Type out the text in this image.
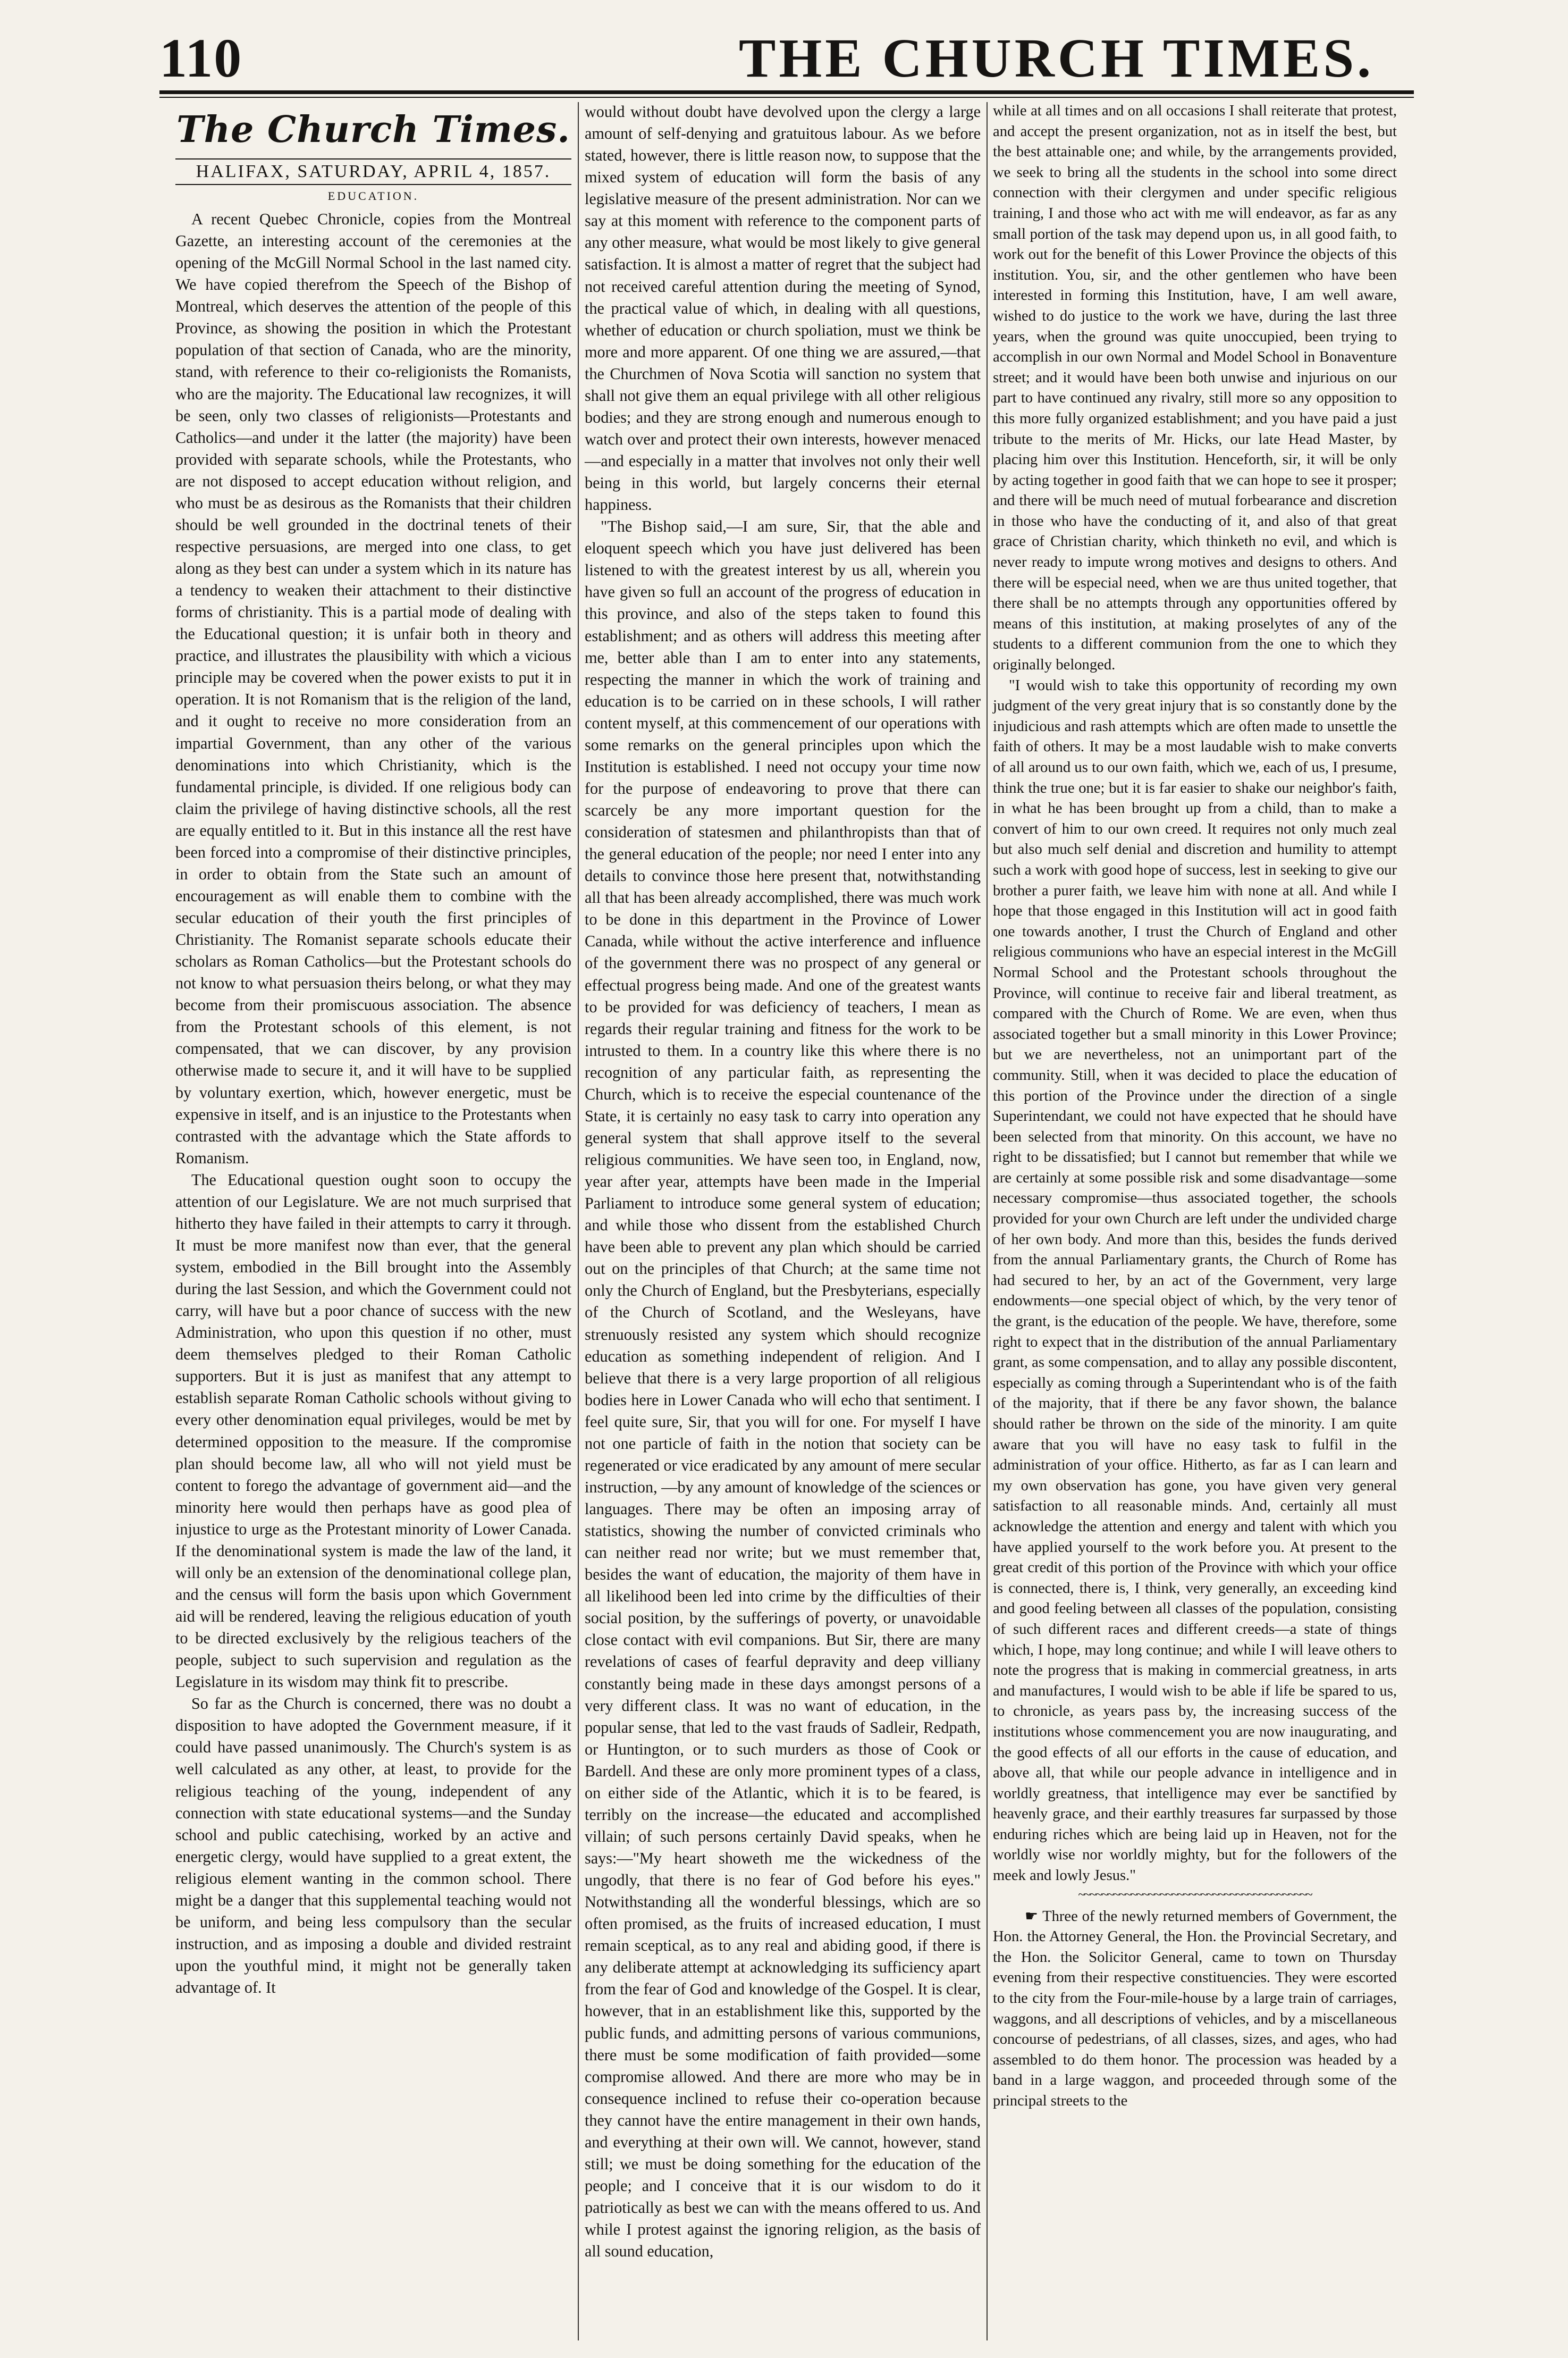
110	THE CHURCH TIMES.
The Church Times.
HALIFAX, SATURDAY, APRIL 4, 1857.
EDUCATION.

A recent Quebec Chronicle, copies from the Montreal Gazette, an interesting account of the ceremonies at the opening of the McGill Normal School in the last named city. We have copied therefrom the Speech of the Bishop of Montreal, which deserves the attention of the people of this Province, as showing the position in which the Protestant population of that section of Canada, who are the minority, stand, with reference to their co-religionists the Romanists, who are the majority. The Educational law recognizes, it will be seen, only two classes of religionists—Protestants and Catholics—and under it the latter (the majority) have been provided with separate schools, while the Protestants, who are not disposed to accept education without religion, and who must be as desirous as the Romanists that their children should be well grounded in the doctrinal tenets of their respective persuasions, are merged into one class, to get along as they best can under a system which in its nature has a tendency to weaken their attachment to their distinctive forms of christianity. This is a partial mode of dealing with the Educational question; it is unfair both in theory and practice, and illustrates the plausibility with which a vicious principle may be covered when the power exists to put it in operation. It is not Romanism that is the religion of the land, and it ought to receive no more consideration from an impartial Government, than any other of the various denominations into which Christianity, which is the fundamental principle, is divided. If one religious body can claim the privilege of having distinctive schools, all the rest are equally entitled to it. But in this instance all the rest have been forced into a compromise of their distinctive principles, in order to obtain from the State such an amount of encouragement as will enable them to combine with the secular education of their youth the first principles of Christianity. The Romanist separate schools educate their scholars as Roman Catholics—but the Protestant schools do not know to what persuasion theirs belong, or what they may become from their promiscuous association. The absence from the Protestant schools of this element, is not compensated, that we can discover, by any provision otherwise made to secure it, and it will have to be supplied by voluntary exertion, which, however energetic, must be expensive in itself, and is an injustice to the Protestants when contrasted with the advantage which the State affords to Romanism.

The Educational question ought soon to occupy the attention of our Legislature. We are not much surprised that hitherto they have failed in their attempts to carry it through. It must be more manifest now than ever, that the general system, embodied in the Bill brought into the Assembly during the last Session, and which the Government could not carry, will have but a poor chance of success with the new Administration, who upon this question if no other, must deem themselves pledged to their Roman Catholic supporters. But it is just as manifest that any attempt to establish separate Roman Catholic schools without giving to every other denomination equal privileges, would be met by determined opposition to the measure. If the compromise plan should become law, all who will not yield must be content to forego the advantage of government aid—and the minority here would then perhaps have as good plea of injustice to urge as the Protestant minority of Lower Canada. If the denominational system is made the law of the land, it will only be an extension of the denominational college plan, and the census will form the basis upon which Government aid will be rendered, leaving the religious education of youth to be directed exclusively by the religious teachers of the people, subject to such supervision and regulation as the Legislature in its wisdom may think fit to prescribe.

So far as the Church is concerned, there was no doubt a disposition to have adopted the Government measure, if it could have passed unanimously. The Church's system is as well calculated as any other, at least, to provide for the religious teaching of the young, independent of any connection with state educational systems—and the Sunday school and public catechising, worked by an active and energetic clergy, would have supplied to a great extent, the religious element wanting in the common school. There might be a danger that this supplemental teaching would not be uniform, and being less compulsory than the secular instruction, and as imposing a double and divided restraint upon the youthful mind, it might not be generally taken advantage of. It

would without doubt have devolved upon the clergy a large amount of self-denying and gratuitous labour. As we before stated, however, there is little reason now, to suppose that the mixed system of education will form the basis of any legislative measure of the present administration. Nor can we say at this moment with reference to the component parts of any other measure, what would be most likely to give general satisfaction. It is almost a matter of regret that the subject had not received careful attention during the meeting of Synod, the practical value of which, in dealing with all questions, whether of education or church spoliation, must we think be more and more apparent. Of one thing we are assured,—that the Churchmen of Nova Scotia will sanction no system that shall not give them an equal privilege with all other religious bodies; and they are strong enough and numerous enough to watch over and protect their own interests, however menaced—and especially in a matter that involves not only their well being in this world, but largely concerns their eternal happiness.

"The Bishop said,—I am sure, Sir, that the able and eloquent speech which you have just delivered has been listened to with the greatest interest by us all, wherein you have given so full an account of the progress of education in this province, and also of the steps taken to found this establishment; and as others will address this meeting after me, better able than I am to enter into any statements, respecting the manner in which the work of training and education is to be carried on in these schools, I will rather content myself, at this commencement of our operations with some remarks on the general principles upon which the Institution is established. I need not occupy your time now for the purpose of endeavoring to prove that there can scarcely be any more important question for the consideration of statesmen and philanthropists than that of the general education of the people; nor need I enter into any details to convince those here present that, notwithstanding all that has been already accomplished, there was much work to be done in this department in the Province of Lower Canada, while without the active interference and influence of the government there was no prospect of any general or effectual progress being made. And one of the greatest wants to be provided for was deficiency of teachers, I mean as regards their regular training and fitness for the work to be intrusted to them. In a country like this where there is no recognition of any particular faith, as representing the Church, which is to receive the especial countenance of the State, it is certainly no easy task to carry into operation any general system that shall approve itself to the several religious communities. We have seen too, in England, now, year after year, attempts have been made in the Imperial Parliament to introduce some general system of education; and while those who dissent from the established Church have been able to prevent any plan which should be carried out on the principles of that Church; at the same time not only the Church of England, but the Presbyterians, especially of the Church of Scotland, and the Wesleyans, have strenuously resisted any system which should recognize education as something independent of religion. And I believe that there is a very large proportion of all religious bodies here in Lower Canada who will echo that sentiment. I feel quite sure, Sir, that you will for one. For myself I have not one particle of faith in the notion that society can be regenerated or vice eradicated by any amount of mere secular instruction, —by any amount of knowledge of the sciences or languages. There may be often an imposing array of statistics, showing the number of convicted criminals who can neither read nor write; but we must remember that, besides the want of education, the majority of them have in all likelihood been led into crime by the difficulties of their social position, by the sufferings of poverty, or unavoidable close contact with evil companions. But Sir, there are many revelations of cases of fearful depravity and deep villiany constantly being made in these days amongst persons of a very different class. It was no want of education, in the popular sense, that led to the vast frauds of Sadleir, Redpath, or Huntington, or to such murders as those of Cook or Bardell. And these are only more prominent types of a class, on either side of the Atlantic, which it is to be feared, is terribly on the increase—the educated and accomplished villain; of such persons certainly David speaks, when he says:—"My heart showeth me the wickedness of the ungodly, that there is no fear of God before his eyes." Notwithstanding all the wonderful blessings, which are so often promised, as the fruits of increased education, I must remain sceptical, as to any real and abiding good, if there is any deliberate attempt at acknowledging its sufficiency apart from the fear of God and knowledge of the Gospel. It is clear, however, that in an establishment like this, supported by the public funds, and admitting persons of various communions, there must be some modification of faith provided—some compromise allowed. And there are more who may be in consequence inclined to refuse their co-operation because they cannot have the entire management in their own hands, and everything at their own will. We cannot, however, stand still; we must be doing something for the education of the people; and I conceive that it is our wisdom to do it patriotically as best we can with the means offered to us. And while I protest against the ignoring religion, as the basis of all sound education,

while at all times and on all occasions I shall reiterate that protest, and accept the present organization, not as in itself the best, but the best attainable one; and while, by the arrangements provided, we seek to bring all the students in the school into some direct connection with their clergymen and under specific religious training, I and those who act with me will endeavor, as far as any small portion of the task may depend upon us, in all good faith, to work out for the benefit of this Lower Province the objects of this institution. You, sir, and the other gentlemen who have been interested in forming this Institution, have, I am well aware, wished to do justice to the work we have, during the last three years, when the ground was quite unoccupied, been trying to accomplish in our own Normal and Model School in Bonaventure street; and it would have been both unwise and injurious on our part to have continued any rivalry, still more so any opposition to this more fully organized establishment; and you have paid a just tribute to the merits of Mr. Hicks, our late Head Master, by placing him over this Institution. Henceforth, sir, it will be only by acting together in good faith that we can hope to see it prosper; and there will be much need of mutual forbearance and discretion in those who have the conducting of it, and also of that great grace of Christian charity, which thinketh no evil, and which is never ready to impute wrong motives and designs to others. And there will be especial need, when we are thus united together, that there shall be no attempts through any opportunities offered by means of this institution, at making proselytes of any of the students to a different communion from the one to which they originally belonged.

"I would wish to take this opportunity of recording my own judgment of the very great injury that is so constantly done by the injudicious and rash attempts which are often made to unsettle the faith of others. It may be a most laudable wish to make converts of all around us to our own faith, which we, each of us, I presume, think the true one; but it is far easier to shake our neighbor's faith, in what he has been brought up from a child, than to make a convert of him to our own creed. It requires not only much zeal but also much self denial and discretion and humility to attempt such a work with good hope of success, lest in seeking to give our brother a purer faith, we leave him with none at all. And while I hope that those engaged in this Institution will act in good faith one towards another, I trust the Church of England and other religious communions who have an especial interest in the McGill Normal School and the Protestant schools throughout the Province, will continue to receive fair and liberal treatment, as compared with the Church of Rome. We are even, when thus associated together but a small minority in this Lower Province; but we are nevertheless, not an unimportant part of the community. Still, when it was decided to place the education of this portion of the Province under the direction of a single Superintendant, we could not have expected that he should have been selected from that minority. On this account, we have no right to be dissatisfied; but I cannot but remember that while we are certainly at some possible risk and some disadvantage—some necessary compromise—thus associated together, the schools provided for your own Church are left under the undivided charge of her own body. And more than this, besides the funds derived from the annual Parliamentary grants, the Church of Rome has had secured to her, by an act of the Government, very large endowments—one special object of which, by the very tenor of the grant, is the education of the people. We have, therefore, some right to expect that in the distribution of the annual Parliamentary grant, as some compensation, and to allay any possible discontent, especially as coming through a Superintendant who is of the faith of the majority, that if there be any favor shown, the balance should rather be thrown on the side of the minority. I am quite aware that you will have no easy task to fulfil in the administration of your office. Hitherto, as far as I can learn and my own observation has gone, you have given very general satisfaction to all reasonable minds. And, certainly all must acknowledge the attention and energy and talent with which you have applied yourself to the work before you. At present to the great credit of this portion of the Province with which your office is connected, there is, I think, very generally, an exceeding kind and good feeling between all classes of the population, consisting of such different races and different creeds—a state of things which, I hope, may long continue; and while I will leave others to note the progress that is making in commercial greatness, in arts and manufactures, I would wish to be able if life be spared to us, to chronicle, as years pass by, the increasing success of the institutions whose commencement you are now inaugurating, and the good effects of all our efforts in the cause of education, and above all, that while our people advance in intelligence and in worldly greatness, that intelligence may ever be sanctified by heavenly grace, and their earthly treasures far surpassed by those enduring riches which are being laid up in Heaven, not for the worldly wise nor worldly mighty, but for the followers of the meek and lowly Jesus."

~~~~~~~~~~~~~~~~~~~~~~~~~~~~~~~~~~~~~~~~

☛ Three of the newly returned members of Government, the Hon. the Attorney General, the Hon. the Provincial Secretary, and the Hon. the Solicitor General, came to town on Thursday evening from their respective constituencies. They were escorted to the city from the Four-mile-house by a large train of carriages, waggons, and all descriptions of vehicles, and by a miscellaneous concourse of pedestrians, of all classes, sizes, and ages, who had assembled to do them honor. The procession was headed by a band in a large waggon, and proceeded through some of the principal streets to the
